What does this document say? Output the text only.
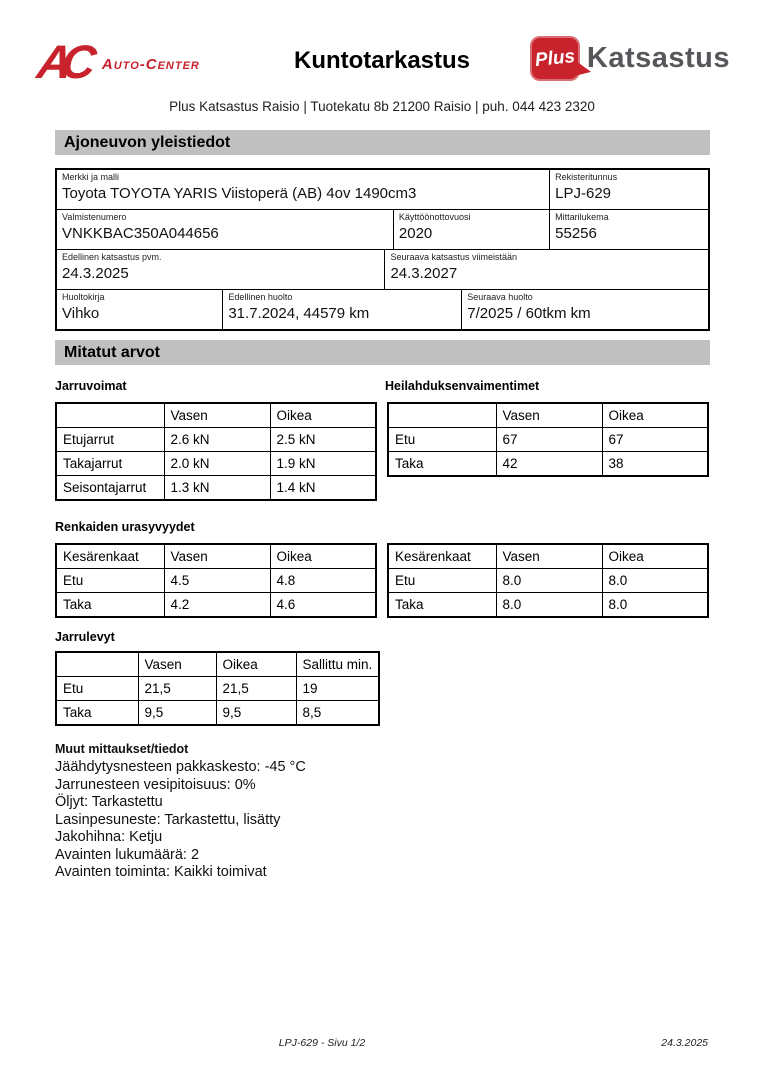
AC Auto-Center	Kuntotarkastus	Plus Katsastus
Plus Katsastus Raisio | Tuotekatu 8b 21200 Raisio | puh. 044 423 2320
Ajoneuvon yleistiedot
Merkki ja malli
Toyota TOYOTA YARIS Viistoperä (AB) 4ov 1490cm3
Rekisteritunnus
LPJ-629
Valmistenumero
VNKKBAC350A044656
Käyttöönottovuosi
2020
Mittarilukema
55256
Edellinen katsastus pvm.
24.3.2025
Seuraava katsastus viimeistään
24.3.2027
Huoltokirja
Vihko
Edellinen huolto
31.7.2024, 44579 km
Seuraava huolto
7/2025 / 60tkm km
Mitatut arvot
Jarruvoimat	Heilahduksenvaimentimet
	Vasen	Oikea
Etujarrut	2.6 kN	2.5 kN
Takajarrut	2.0 kN	1.9 kN
Seisontajarrut	1.3 kN	1.4 kN
	Vasen	Oikea
Etu	67	67
Taka	42	38
Renkaiden urasyvyydet
Kesärenkaat	Vasen	Oikea
Etu	4.5	4.8
Taka	4.2	4.6
Kesärenkaat	Vasen	Oikea
Etu	8.0	8.0
Taka	8.0	8.0
Jarrulevyt
	Vasen	Oikea	Sallittu min.
Etu	21,5	21,5	19
Taka	9,5	9,5	8,5
Muut mittaukset/tiedot
Jäähdytysnesteen pakkaskesto: -45 °C
Jarrunesteen vesipitoisuus: 0%
Öljyt: Tarkastettu
Lasinpesuneste: Tarkastettu, lisätty
Jakohihna: Ketju
Avainten lukumäärä: 2
Avainten toiminta: Kaikki toimivat
LPJ-629 - Sivu 1/2	24.3.2025
